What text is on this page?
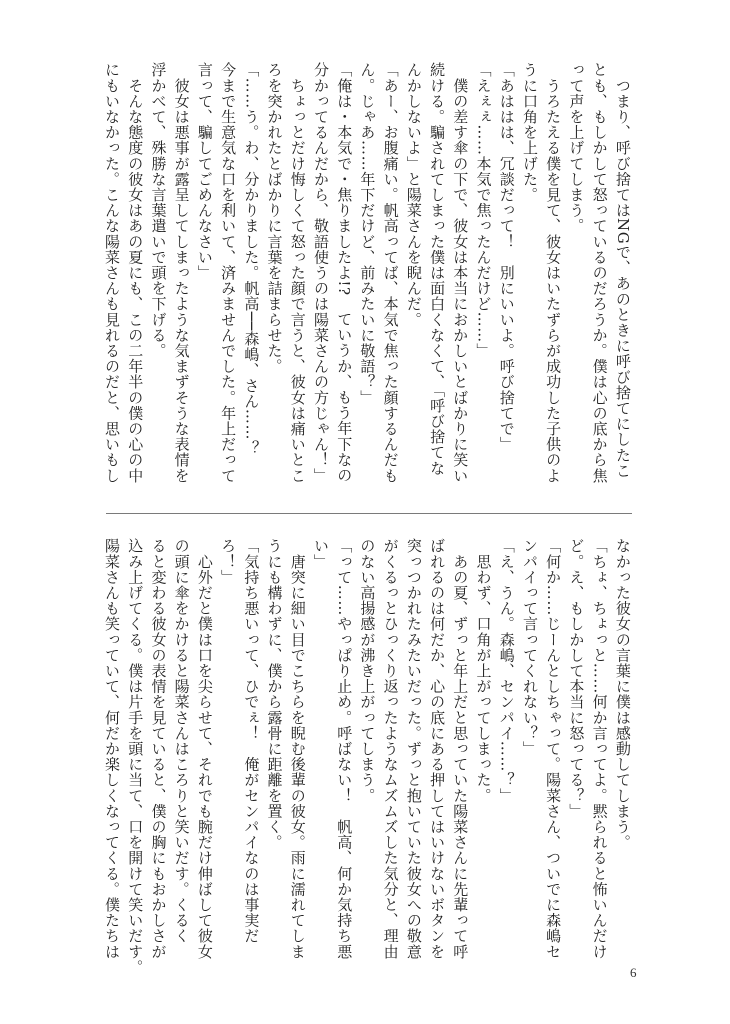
　つまり、呼び捨てはNGで、あのときに呼び捨てにしたこ
とも、もしかして怒っているのだろうか。僕は心の底から焦
って声を上げてしまう。
　うろたえる僕を見て、彼女はいたずらが成功した子供のよ
うに口角を上げた。
「あははは、冗談だって！　別にいいよ。呼び捨てで」
「えぇぇ……本気で焦ったんだけど……」
　僕の差す傘の下で、彼女は本当におかしいとばかりに笑い
続ける。騙されてしまった僕は面白くなくて、「呼び捨てな
んかしないよ」と陽菜さんを睨んだ。
「あー、お腹痛い。帆高ってば、本気で焦った顔するんだも
ん。じゃあ……年下だけど、前みたいに敬語？」
「俺は・本気で・焦りましたよ!?　ていうか、もう年下なの
分かってるんだから、敬語使うのは陽菜さんの方じゃん！」
　ちょっとだけ悔しくて怒った顔で言うと、彼女は痛いとこ
ろを突かれたとばかりに言葉を詰まらせた。
「……う。わ、分かりました。帆高──森嶋、さん……？
今まで生意気な口を利いて、済みませんでした。年上だって
言って、騙してごめんなさい」
　彼女は悪事が露呈してしまったような気まずそうな表情を
浮かべて、殊勝な言葉遣いで頭を下げる。
　そんな態度の彼女はあの夏にも、この二年半の僕の心の中
にもいなかった。こんな陽菜さんも見れるのだと、思いもし
なかった彼女の言葉に僕は感動してしまう。
「ちょ、ちょっと……何か言ってよ。黙られると怖いんだけ
ど。え、もしかして本当に怒ってる？」
「何か……じーんとしちゃって。陽菜さん、ついでに森嶋セ
ンパイって言ってくれない？」
「え、うん。森嶋、センパイ……？」
　思わず、口角が上がってしまった。
　あの夏、ずっと年上だと思っていた陽菜さんに先輩って呼
ばれるのは何だか、心の底にある押してはいけないボタンを
突っつかれたみたいだった。ずっと抱いていた彼女への敬意
がくるっとひっくり返ったようなムズムズした気分と、理由
のない高揚感が沸き上がってしまう。
「って……やっぱり止め。呼ばない！　帆高、何か気持ち悪
い」
　唐突に細い目でこちらを睨む後輩の彼女。雨に濡れてしま
うにも構わずに、僕から露骨に距離を置く。
「気持ち悪いって、ひでぇ！　俺がセンパイなのは事実だ
ろ！」
　心外だと僕は口を尖らせて、それでも腕だけ伸ばして彼女
の頭に傘をかけると陽菜さんはころりと笑いだす。くるく
ると変わる彼女の表情を見ていると、僕の胸にもおかしさが
込み上げてくる。僕は片手を頭に当て、口を開けて笑いだす。
陽菜さんも笑っていて、何だか楽しくなってくる。僕たちは
6
